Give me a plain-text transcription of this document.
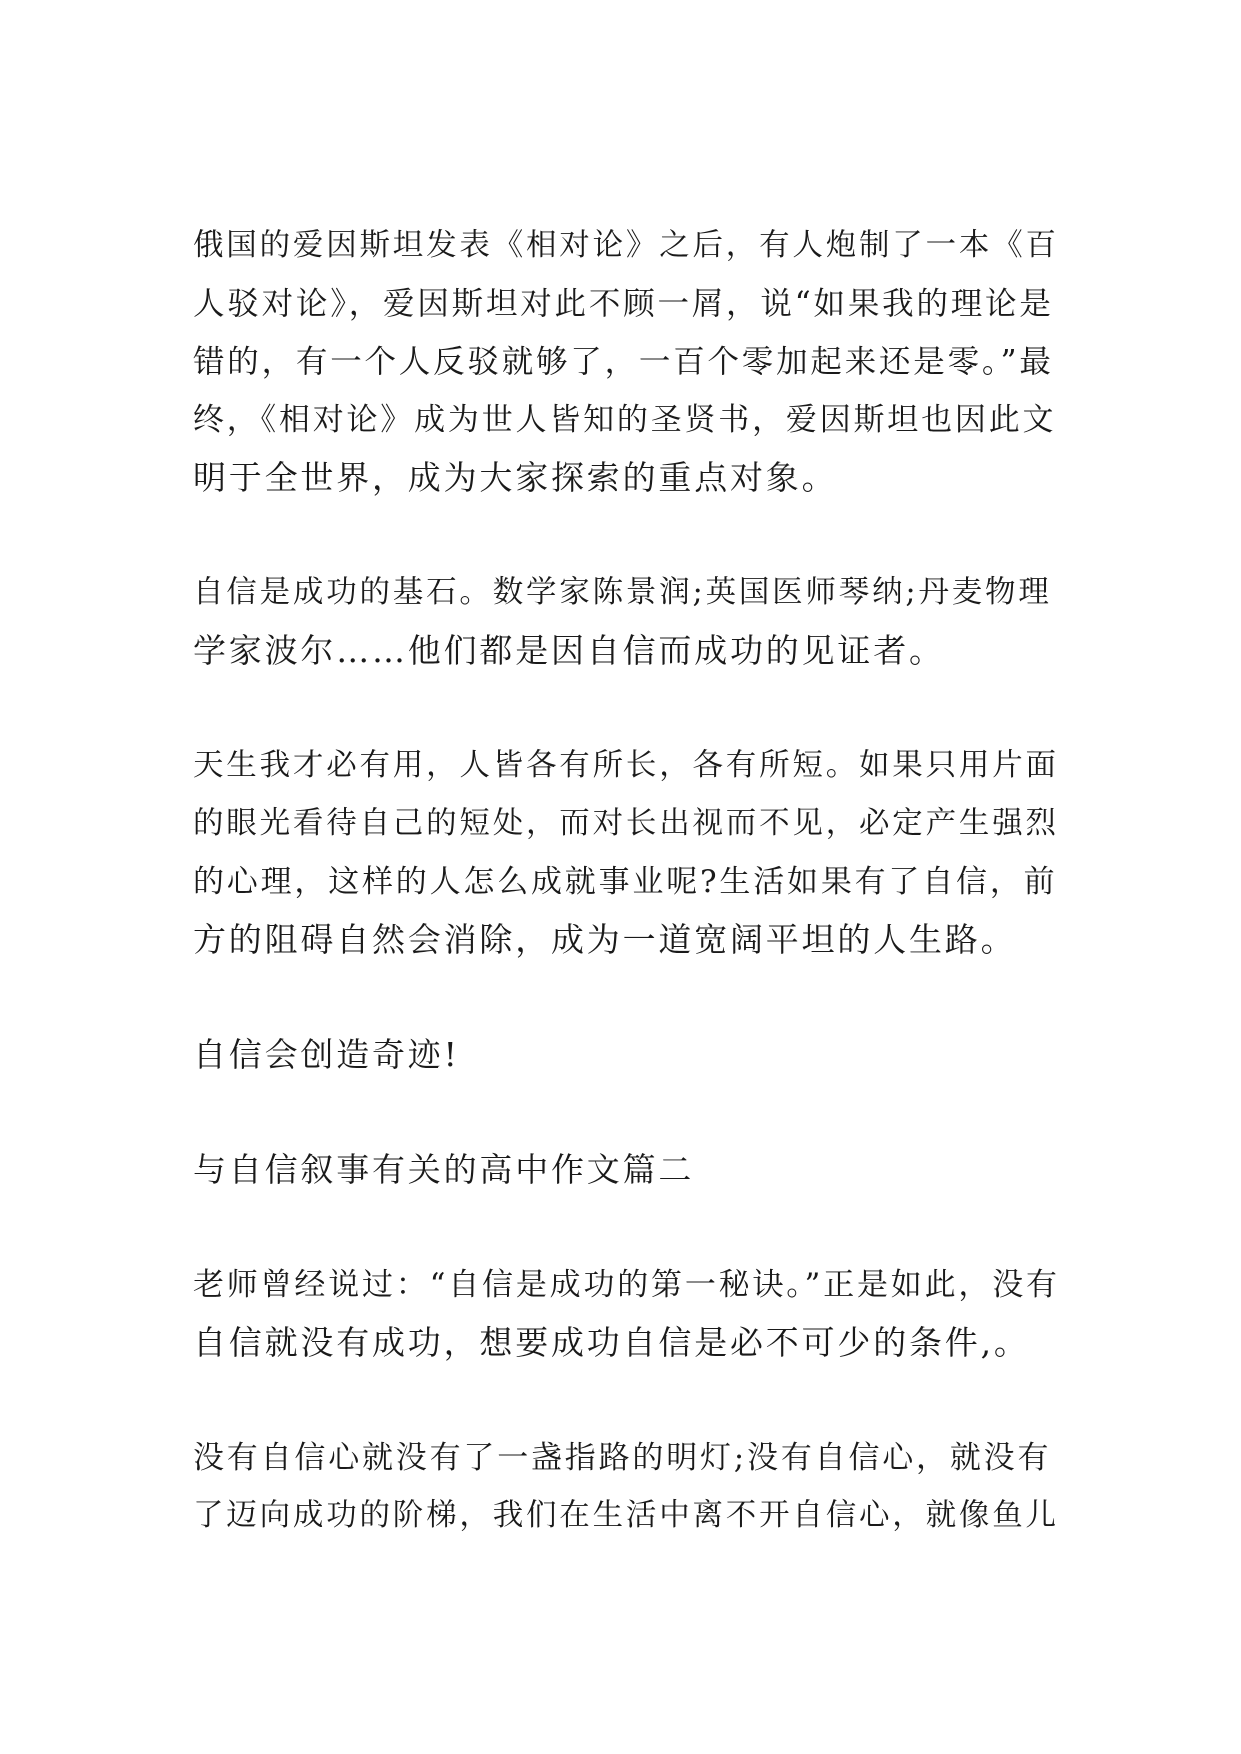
俄国的爱因斯坦发表《相对论》之后，有人炮制了一本《百
人驳对论》，爱因斯坦对此不顾一屑，说“如果我的理论是
错的，有一个人反驳就够了，一百个零加起来还是零。”最
终，《相对论》成为世人皆知的圣贤书，爱因斯坦也因此文
明于全世界，成为大家探索的重点对象。
自信是成功的基石。数学家陈景润;英国医师琴纳;丹麦物理
学家波尔……他们都是因自信而成功的见证者。
天生我才必有用，人皆各有所长，各有所短。如果只用片面
的眼光看待自己的短处，而对长出视而不见，必定产生强烈
的心理，这样的人怎么成就事业呢?生活如果有了自信，前
方的阻碍自然会消除，成为一道宽阔平坦的人生路。
自信会创造奇迹!
与自信叙事有关的高中作文篇二
老师曾经说过：“自信是成功的第一秘诀。”正是如此，没有
自信就没有成功，想要成功自信是必不可少的条件,。
没有自信心就没有了一盏指路的明灯;没有自信心，就没有
了迈向成功的阶梯，我们在生活中离不开自信心，就像鱼儿
